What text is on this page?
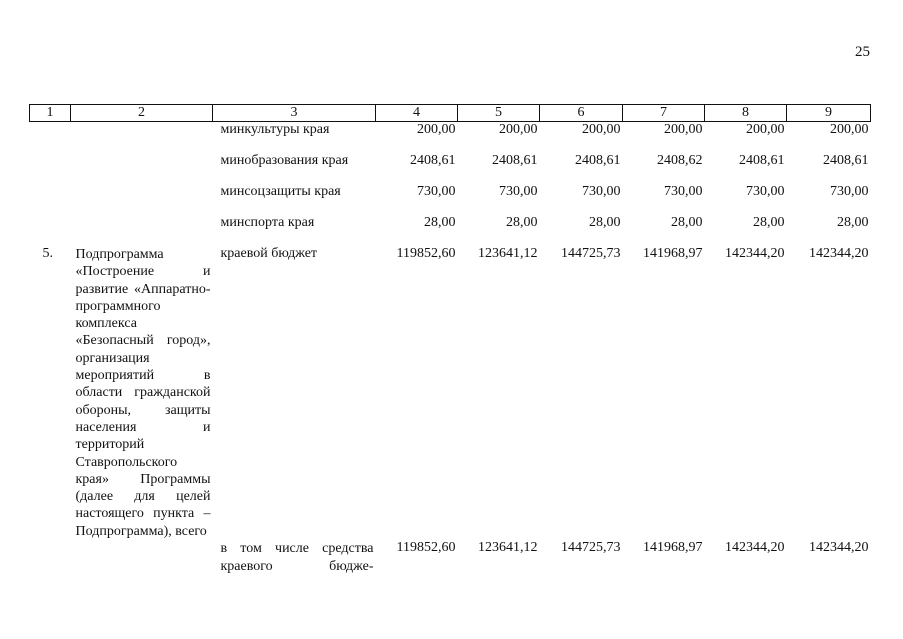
25
1	2	3	4	5	6	7	8	9
		минкультуры края	200,00	200,00	200,00	200,00	200,00	200,00
		минобразования края	2408,61	2408,61	2408,61	2408,62	2408,61	2408,61
		минсоцзащиты края	730,00	730,00	730,00	730,00	730,00	730,00
		минспорта края	28,00	28,00	28,00	28,00	28,00	28,00
5.	Подпрограмма «Построение и развитие «Аппаратно-программного комплекса «Безопасный город», организация мероприятий в области гражданской обороны, защиты населения и территорий Ставропольского края» Программы (далее для целей настоящего пункта – Подпрограмма), всего	краевой бюджет	119852,60	123641,12	144725,73	141968,97	142344,20	142344,20

		в том числе средства краевого бюдже-	119852,60	123641,12	144725,73	141968,97	142344,20	142344,20
